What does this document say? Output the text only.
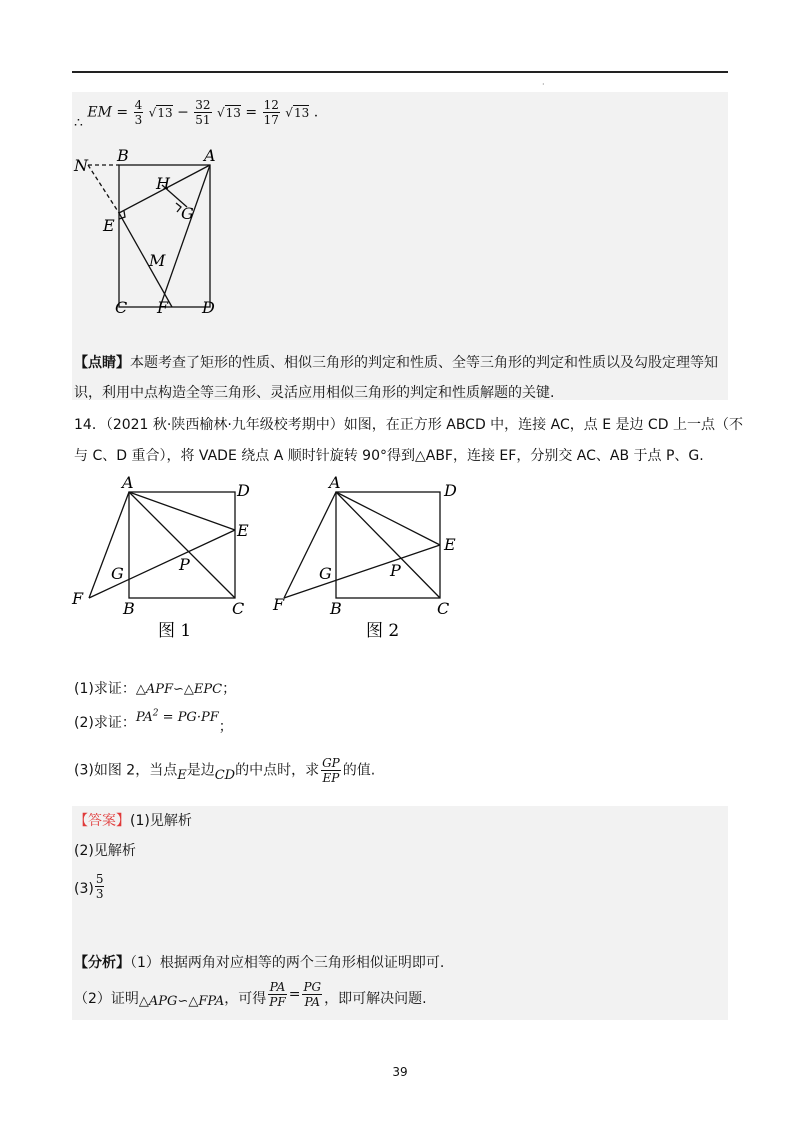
·
∴ EM = $\frac{4}{3} √13 - \frac{32}{51} √13 = \frac{12}{17} √13$ .
N
B	A
H
G
E
M
C F D
【点睛】本题考查了矩形的性质、相似三角形的判定和性质、全等三角形的判定和性质以及勾股定理等知
识，利用中点构造全等三角形、灵活应用相似三角形的判定和性质解题的关键.
14．（2021 秋·陕西榆林·九年级校考期中）如图，在正方形 ABCD 中，连接 AC，点 E 是边 CD 上一点（不
与 C、D 重合），将 VADE 绕点 A 顺时针旋转 90°得到△ABF，连接 EF，分别交 AC、AB 于点 P、G.
A	D
E
P
G
F
B	C
图 1
A	D
E
P
G
F	B	C
图 2
(1)求证：△APF∽△EPC；
(2)求证：$PA^2 = PG\cdot PF$；
(3)如图 2，当点E是边CD的中点时，求 $\frac{GP}{EP}$ 的值.
【答案】(1)见解析
(2)见解析
$(3) \frac{5}{3}$
【分析】（1）根据两角对应相等的两个三角形相似证明即可.
（2）证明△APG∽△FPA，可得 $\frac{PA}{PF} = \frac{PG}{PA}$ ，即可解决问题.
39
